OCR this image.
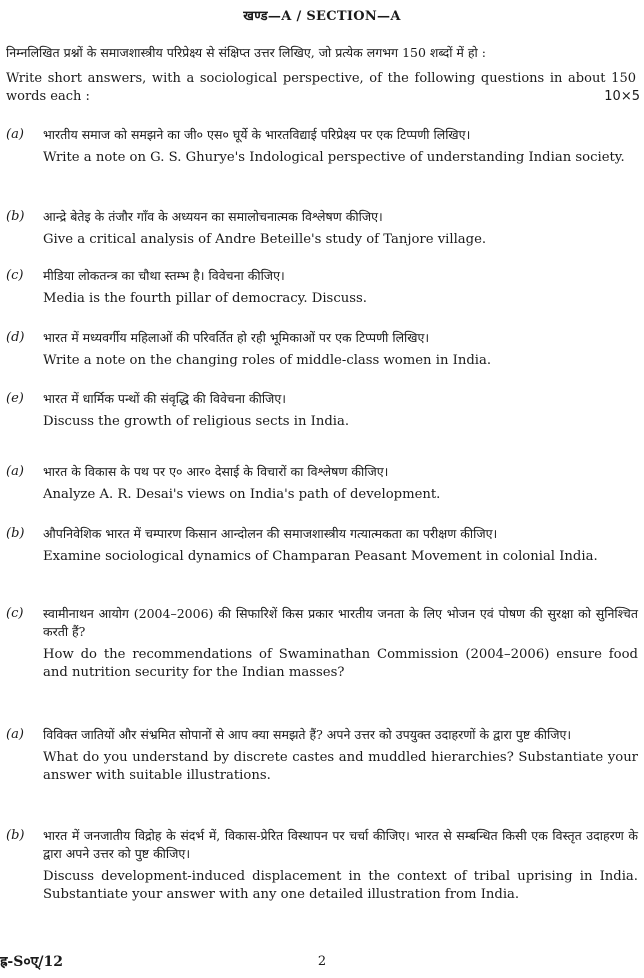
खण्ड—A / SECTION—A
निम्नलिखित प्रश्नों के समाजशास्त्रीय परिप्रेक्ष्य से संक्षिप्त उत्तर लिखिए, जो प्रत्येक लगभग 150 शब्दों में हो :
Write short answers, with a sociological perspective, of the following questions in about 150 words each :	10×5
(a)	भारतीय समाज को समझने का जी० एस० घूर्ये के भारतविद्याई परिप्रेक्ष्य पर एक टिप्पणी लिखिए।
Write a note on G. S. Ghurye's Indological perspective of understanding Indian society.
(b)	आन्द्रे बेतेइ के तंजौर गाँव के अध्ययन का समालोचनात्मक विश्लेषण कीजिए।
Give a critical analysis of Andre Beteille's study of Tanjore village.
(c)	मीडिया लोकतन्त्र का चौथा स्तम्भ है। विवेचना कीजिए।
Media is the fourth pillar of democracy. Discuss.
(d)	भारत में मध्यवर्गीय महिलाओं की परिवर्तित हो रही भूमिकाओं पर एक टिप्पणी लिखिए।
Write a note on the changing roles of middle-class women in India.
(e)	भारत में धार्मिक पन्थों की संवृद्धि की विवेचना कीजिए।
Discuss the growth of religious sects in India.
(a)	भारत के विकास के पथ पर ए० आर० देसाई के विचारों का विश्लेषण कीजिए।
Analyze A. R. Desai's views on India's path of development.
(b)	औपनिवेशिक भारत में चम्पारण किसान आन्दोलन की समाजशास्त्रीय गत्यात्मकता का परीक्षण कीजिए।
Examine sociological dynamics of Champaran Peasant Movement in colonial India.
(c)	स्वामीनाथन आयोग (2004–2006) की सिफारिशें किस प्रकार भारतीय जनता के लिए भोजन एवं पोषण की सुरक्षा को सुनिश्चित करती हैं?
How do the recommendations of Swaminathan Commission (2004–2006) ensure food and nutrition security for the Indian masses?
(a)	विविक्त जातियों और संभ्रमित सोपानों से आप क्या समझते हैं? अपने उत्तर को उपयुक्त उदाहरणों के द्वारा पुष्ट कीजिए।
What do you understand by discrete castes and muddled hierarchies? Substantiate your answer with suitable illustrations.
(b)	भारत में जनजातीय विद्रोह के संदर्भ में, विकास-प्रेरित विस्थापन पर चर्चा कीजिए। भारत से सम्बन्धित किसी एक विस्तृत उदाहरण के द्वारा अपने उत्तर को पुष्ट कीजिए।
Discuss development-induced displacement in the context of tribal uprising in India. Substantiate your answer with any one detailed illustration from India.
ह्र-S०ए्/12	2
